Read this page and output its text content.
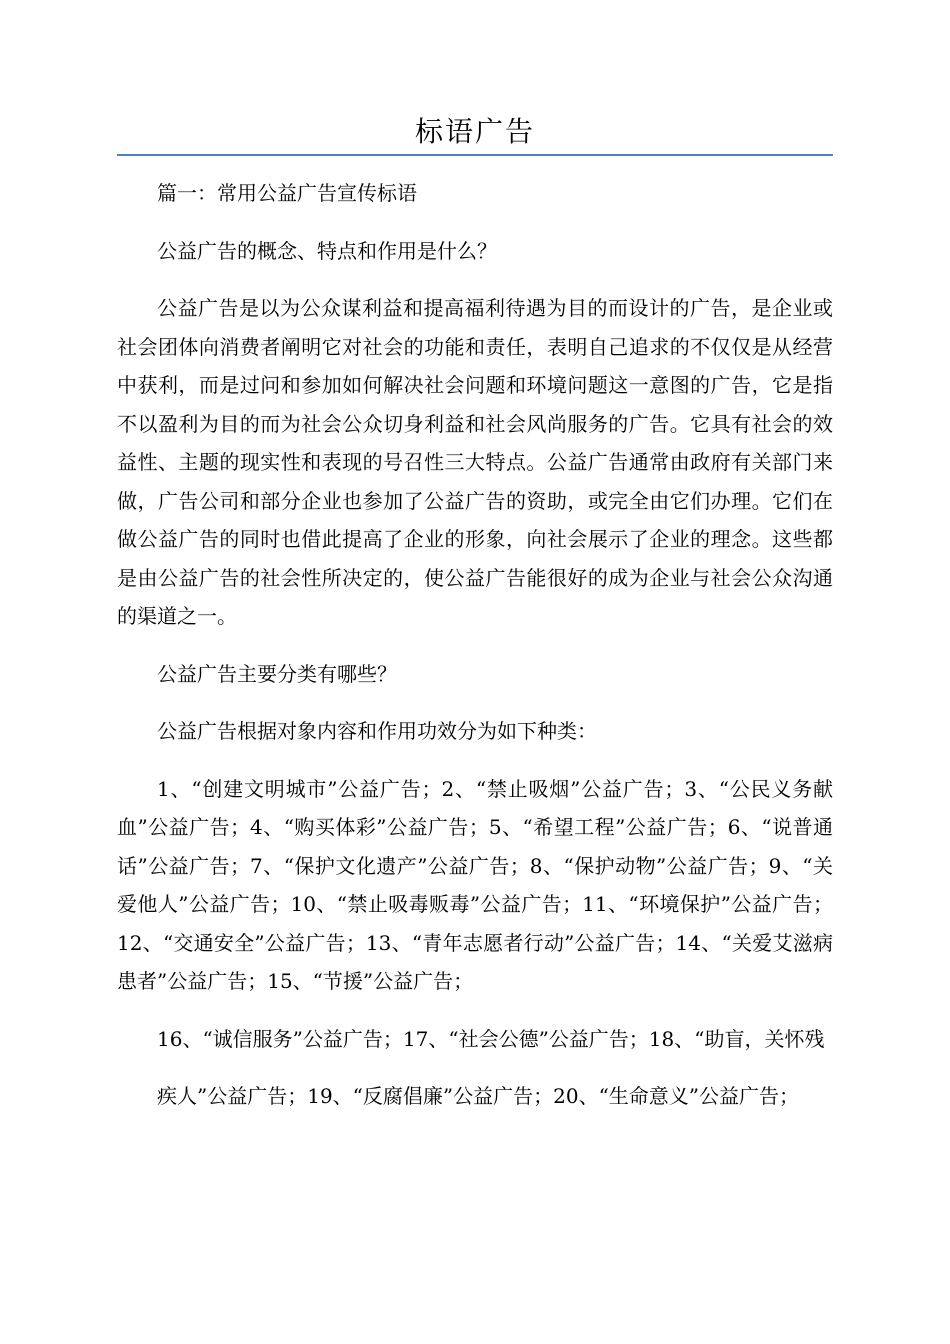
标语广告

篇一：常用公益广告宣传标语

公益广告的概念、特点和作用是什么？

公益广告是以为公众谋利益和提高福利待遇为目的而设计的广告，是企业或社会团体向消费者阐明它对社会的功能和责任，表明自己追求的不仅仅是从经营中获利，而是过问和参加如何解决社会问题和环境问题这一意图的广告，它是指不以盈利为目的而为社会公众切身利益和社会风尚服务的广告。它具有社会的效益性、主题的现实性和表现的号召性三大特点。公益广告通常由政府有关部门来做，广告公司和部分企业也参加了公益广告的资助，或完全由它们办理。它们在做公益广告的同时也借此提高了企业的形象，向社会展示了企业的理念。这些都是由公益广告的社会性所决定的，使公益广告能很好的成为企业与社会公众沟通的渠道之一。

公益广告主要分类有哪些？

公益广告根据对象内容和作用功效分为如下种类：

1、“创建文明城市”公益广告；2、“禁止吸烟”公益广告；3、“公民义务献血”公益广告；4、“购买体彩”公益广告；5、“希望工程”公益广告；6、“说普通话”公益广告；7、“保护文化遗产”公益广告；8、“保护动物”公益广告；9、“关爱他人”公益广告；10、“禁止吸毒贩毒”公益广告；11、“环境保护”公益广告；12、“交通安全”公益广告；13、“青年志愿者行动”公益广告；14、“关爱艾滋病患者”公益广告；15、“节援”公益广告；

16、“诚信服务”公益广告；17、“社会公德”公益广告；18、“助盲，关怀残

疾人”公益广告；19、“反腐倡廉”公益广告；20、“生命意义”公益广告；
